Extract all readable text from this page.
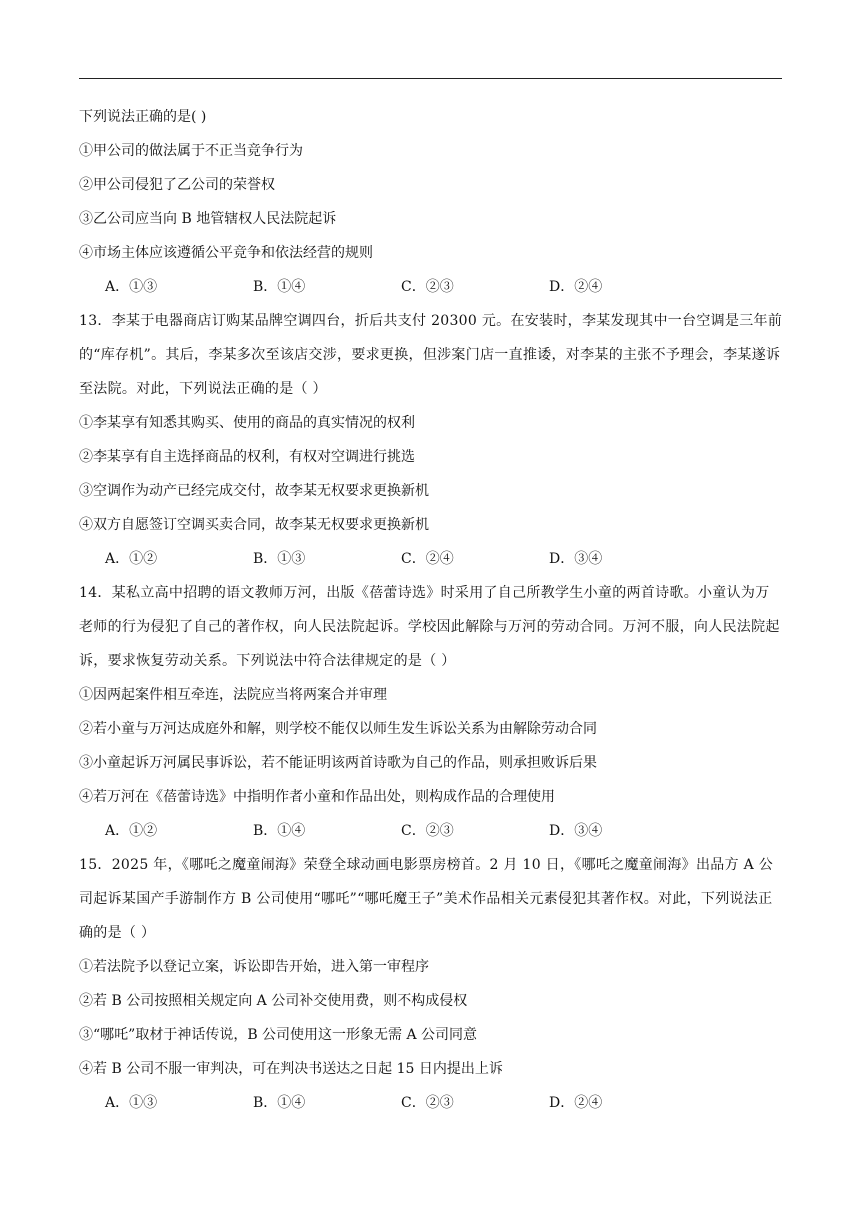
下列说法正确的是( )

①甲公司的做法属于不正当竞争行为

②甲公司侵犯了乙公司的荣誉权

③乙公司应当向 B 地管辖权人民法院起诉

④市场主体应该遵循公平竞争和依法经营的规则

A．①③	B．①④	C．②③	D．②④

13．李某于电器商店订购某品牌空调四台，折后共支付 20300 元。在安装时，李某发现其中一台空调是三年前的“库存机”。其后，李某多次至该店交涉，要求更换，但涉案门店一直推诿，对李某的主张不予理会，李某遂诉至法院。对此，下列说法正确的是（ ）

①李某享有知悉其购买、使用的商品的真实情况的权利

②李某享有自主选择商品的权利，有权对空调进行挑选

③空调作为动产已经完成交付，故李某无权要求更换新机

④双方自愿签订空调买卖合同，故李某无权要求更换新机

A．①②	B．①③	C．②④	D．③④

14．某私立高中招聘的语文教师万河，出版《蓓蕾诗选》时采用了自己所教学生小童的两首诗歌。小童认为万老师的行为侵犯了自己的著作权，向人民法院起诉。学校因此解除与万河的劳动合同。万河不服，向人民法院起诉，要求恢复劳动关系。下列说法中符合法律规定的是（ ）

①因两起案件相互牵连，法院应当将两案合并审理

②若小童与万河达成庭外和解，则学校不能仅以师生发生诉讼关系为由解除劳动合同

③小童起诉万河属民事诉讼，若不能证明该两首诗歌为自己的作品，则承担败诉后果

④若万河在《蓓蕾诗选》中指明作者小童和作品出处，则构成作品的合理使用

A．①②	B．①④	C．②③	D．③④

15．2025 年，《哪吒之魔童闹海》荣登全球动画电影票房榜首。2 月 10 日，《哪吒之魔童闹海》出品方 A 公司起诉某国产手游制作方 B 公司使用“哪吒”“哪吒魔王子”美术作品相关元素侵犯其著作权。对此，下列说法正确的是（ ）

①若法院予以登记立案，诉讼即告开始，进入第一审程序

②若 B 公司按照相关规定向 A 公司补交使用费，则不构成侵权

③“哪吒”取材于神话传说，B 公司使用这一形象无需 A 公司同意

④若 B 公司不服一审判决，可在判决书送达之日起 15 日内提出上诉

A．①③	B．①④	C．②③	D．②④
